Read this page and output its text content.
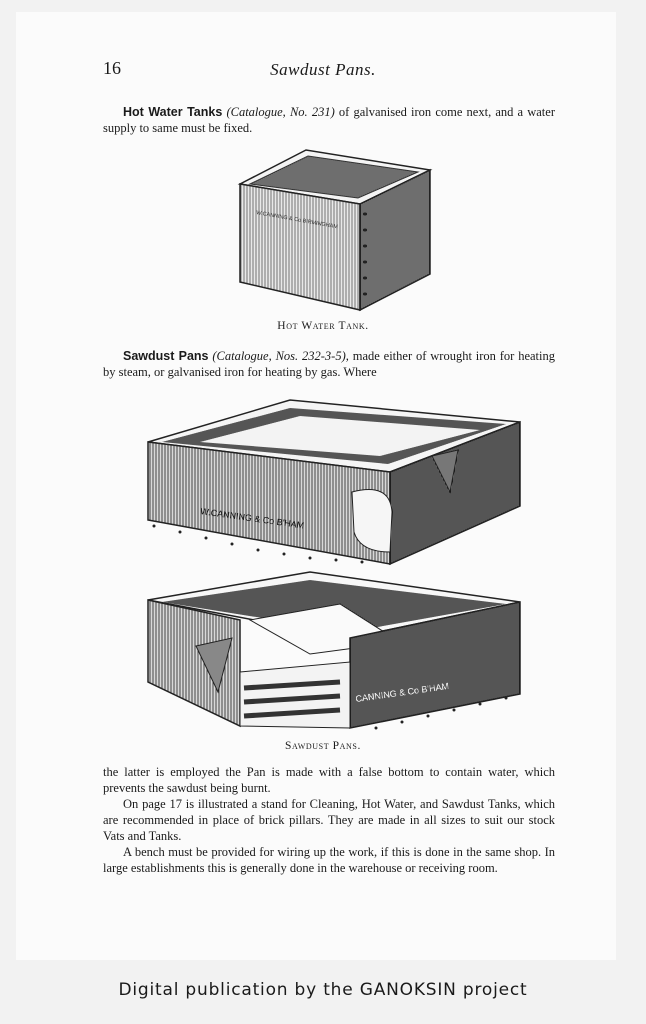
16	Sawdust Pans.

Hot Water Tanks (Catalogue, No. 231) of galvanised iron come next, and a water supply to same must be fixed.

W.CANNING & Co BIRMINGHAM
Hot Water Tank.

Sawdust Pans (Catalogue, Nos. 232-3-5), made either of wrought iron for heating by steam, or galvanised iron for heating by gas. Where

W.CANNING & Co B'HAM
CANNING & Co B'HAM
Sawdust Pans.

the latter is employed the Pan is made with a false bottom to contain water, which prevents the sawdust being burnt.

On page 17 is illustrated a stand for Cleaning, Hot Water, and Sawdust Tanks, which are recommended in place of brick pillars. They are made in all sizes to suit our stock Vats and Tanks.

A bench must be provided for wiring up the work, if this is done in the same shop. In large establishments this is generally done in the warehouse or receiving room.

Digital publication by the GANOKSIN project
